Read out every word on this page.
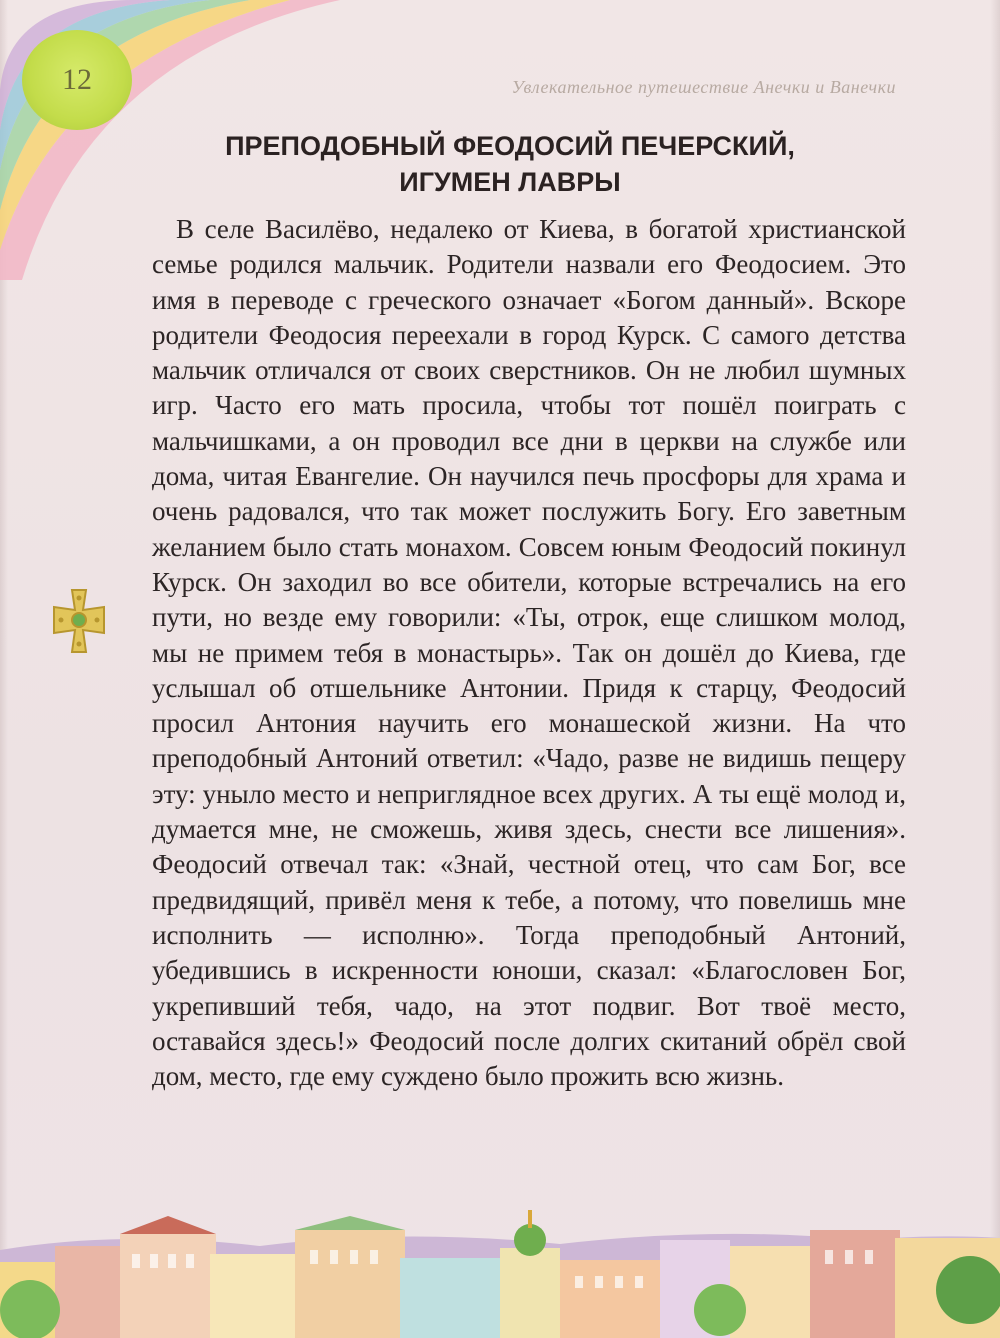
12	Увлекательное путешествие Анечки и Ванечки
ПРЕПОДОБНЫЙ ФЕОДОСИЙ ПЕЧЕРСКИЙ,
ИГУМЕН ЛАВРЫ

В селе Василёво, недалеко от Киева, в богатой христианской семье родился мальчик. Родители назвали его Феодосием. Это имя в переводе с греческого означает «Богом данный». Вскоре родители Феодосия переехали в город Курск. С самого детства мальчик отличался от своих сверстников. Он не любил шумных игр. Часто его мать просила, чтобы тот пошёл поиграть с мальчишками, а он проводил все дни в церкви на службе или дома, читая Евангелие. Он научился печь просфоры для храма и очень радовался, что так может послужить Богу. Его заветным желанием было стать монахом. Совсем юным Феодосий покинул Курск. Он заходил во все обители, которые встречались на его пути, но везде ему говорили: «Ты, отрок, еще слишком молод, мы не примем тебя в монастырь». Так он дошёл до Киева, где услышал об отшельнике Антонии. Придя к старцу, Феодосий просил Антония научить его монашеской жизни. На что преподобный Антоний ответил: «Чадо, разве не видишь пещеру эту: уныло место и неприглядное всех других. А ты ещё молод и, думается мне, не сможешь, живя здесь, снести все лишения». Феодосий отвечал так: «Знай, честной отец, что сам Бог, все предвидящий, привёл меня к тебе, а потому, что повелишь мне исполнить — исполню». Тогда преподобный Антоний, убедившись в искренности юноши, сказал: «Благословен Бог, укрепивший тебя, чадо, на этот подвиг. Вот твоё место, оставайся здесь!» Феодосий после долгих скитаний обрёл свой дом, место, где ему суждено было прожить всю жизнь.
